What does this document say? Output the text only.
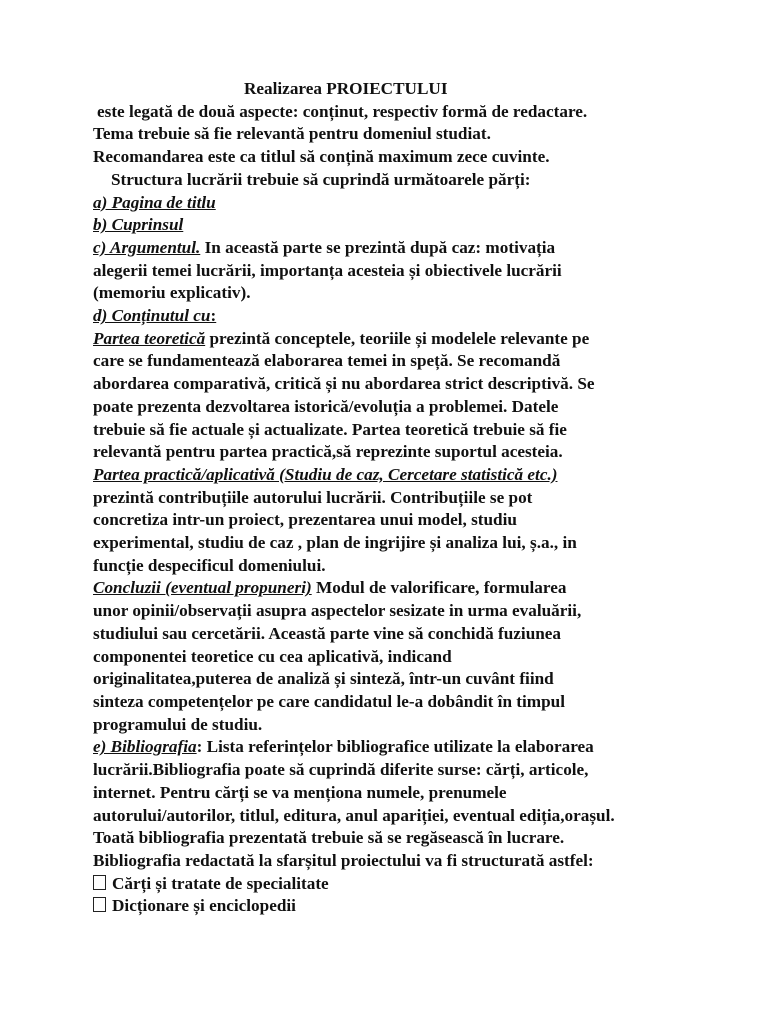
Realizarea PROIECTULUI
este legată de două aspecte: conținut, respectiv formă de redactare.
Tema trebuie să fie relevantă pentru domeniul studiat.
Recomandarea este ca titlul să conțină maximum zece cuvinte.
Structura lucrării trebuie să cuprindă următoarele părți:
a) Pagina de titlu
b) Cuprinsul
c) Argumentul. In această parte se prezintă după caz: motivația
alegerii temei lucrării, importanța acesteia și obiectivele lucrării
(memoriu explicativ).
d) Conținutul cu:
Partea teoretică prezintă conceptele, teoriile și modelele relevante pe
care se fundamentează elaborarea temei in speță. Se recomandă
abordarea comparativă, critică și nu abordarea strict descriptivă. Se
poate prezenta dezvoltarea istorică/evoluția a problemei. Datele
trebuie să fie actuale și actualizate. Partea teoretică trebuie să fie
relevantă pentru partea practică,să reprezinte suportul acesteia.
Partea practică/aplicativă (Studiu de caz, Cercetare statistică etc.)
prezintă contribuțiile autorului lucrării. Contribuțiile se pot
concretiza intr-un proiect, prezentarea unui model, studiu
experimental, studiu de caz , plan de ingrijire și analiza lui, ș.a., in
funcție despecificul domeniului.
Concluzii (eventual propuneri) Modul de valorificare, formularea
unor opinii/observații asupra aspectelor sesizate in urma evaluării,
studiului sau cercetării. Această parte vine să conchidă fuziunea
componentei teoretice cu cea aplicativă, indicand
originalitatea,puterea de analiză și sinteză, într-un cuvânt fiind
sinteza competențelor pe care candidatul le-a dobândit în timpul
programului de studiu.
e) Bibliografia: Lista referințelor bibliografice utilizate la elaborarea
lucrării.Bibliografia poate să cuprindă diferite surse: cărți, articole,
internet. Pentru cărți se va menționa numele, prenumele
autorului/autorilor, titlul, editura, anul apariției, eventual ediția,orașul.
Toată bibliografia prezentată trebuie să se regăsească în lucrare.
Bibliografia redactată la sfarșitul proiectului va fi structurată astfel:
Cărți și tratate de specialitate
Dicționare și enciclopedii
